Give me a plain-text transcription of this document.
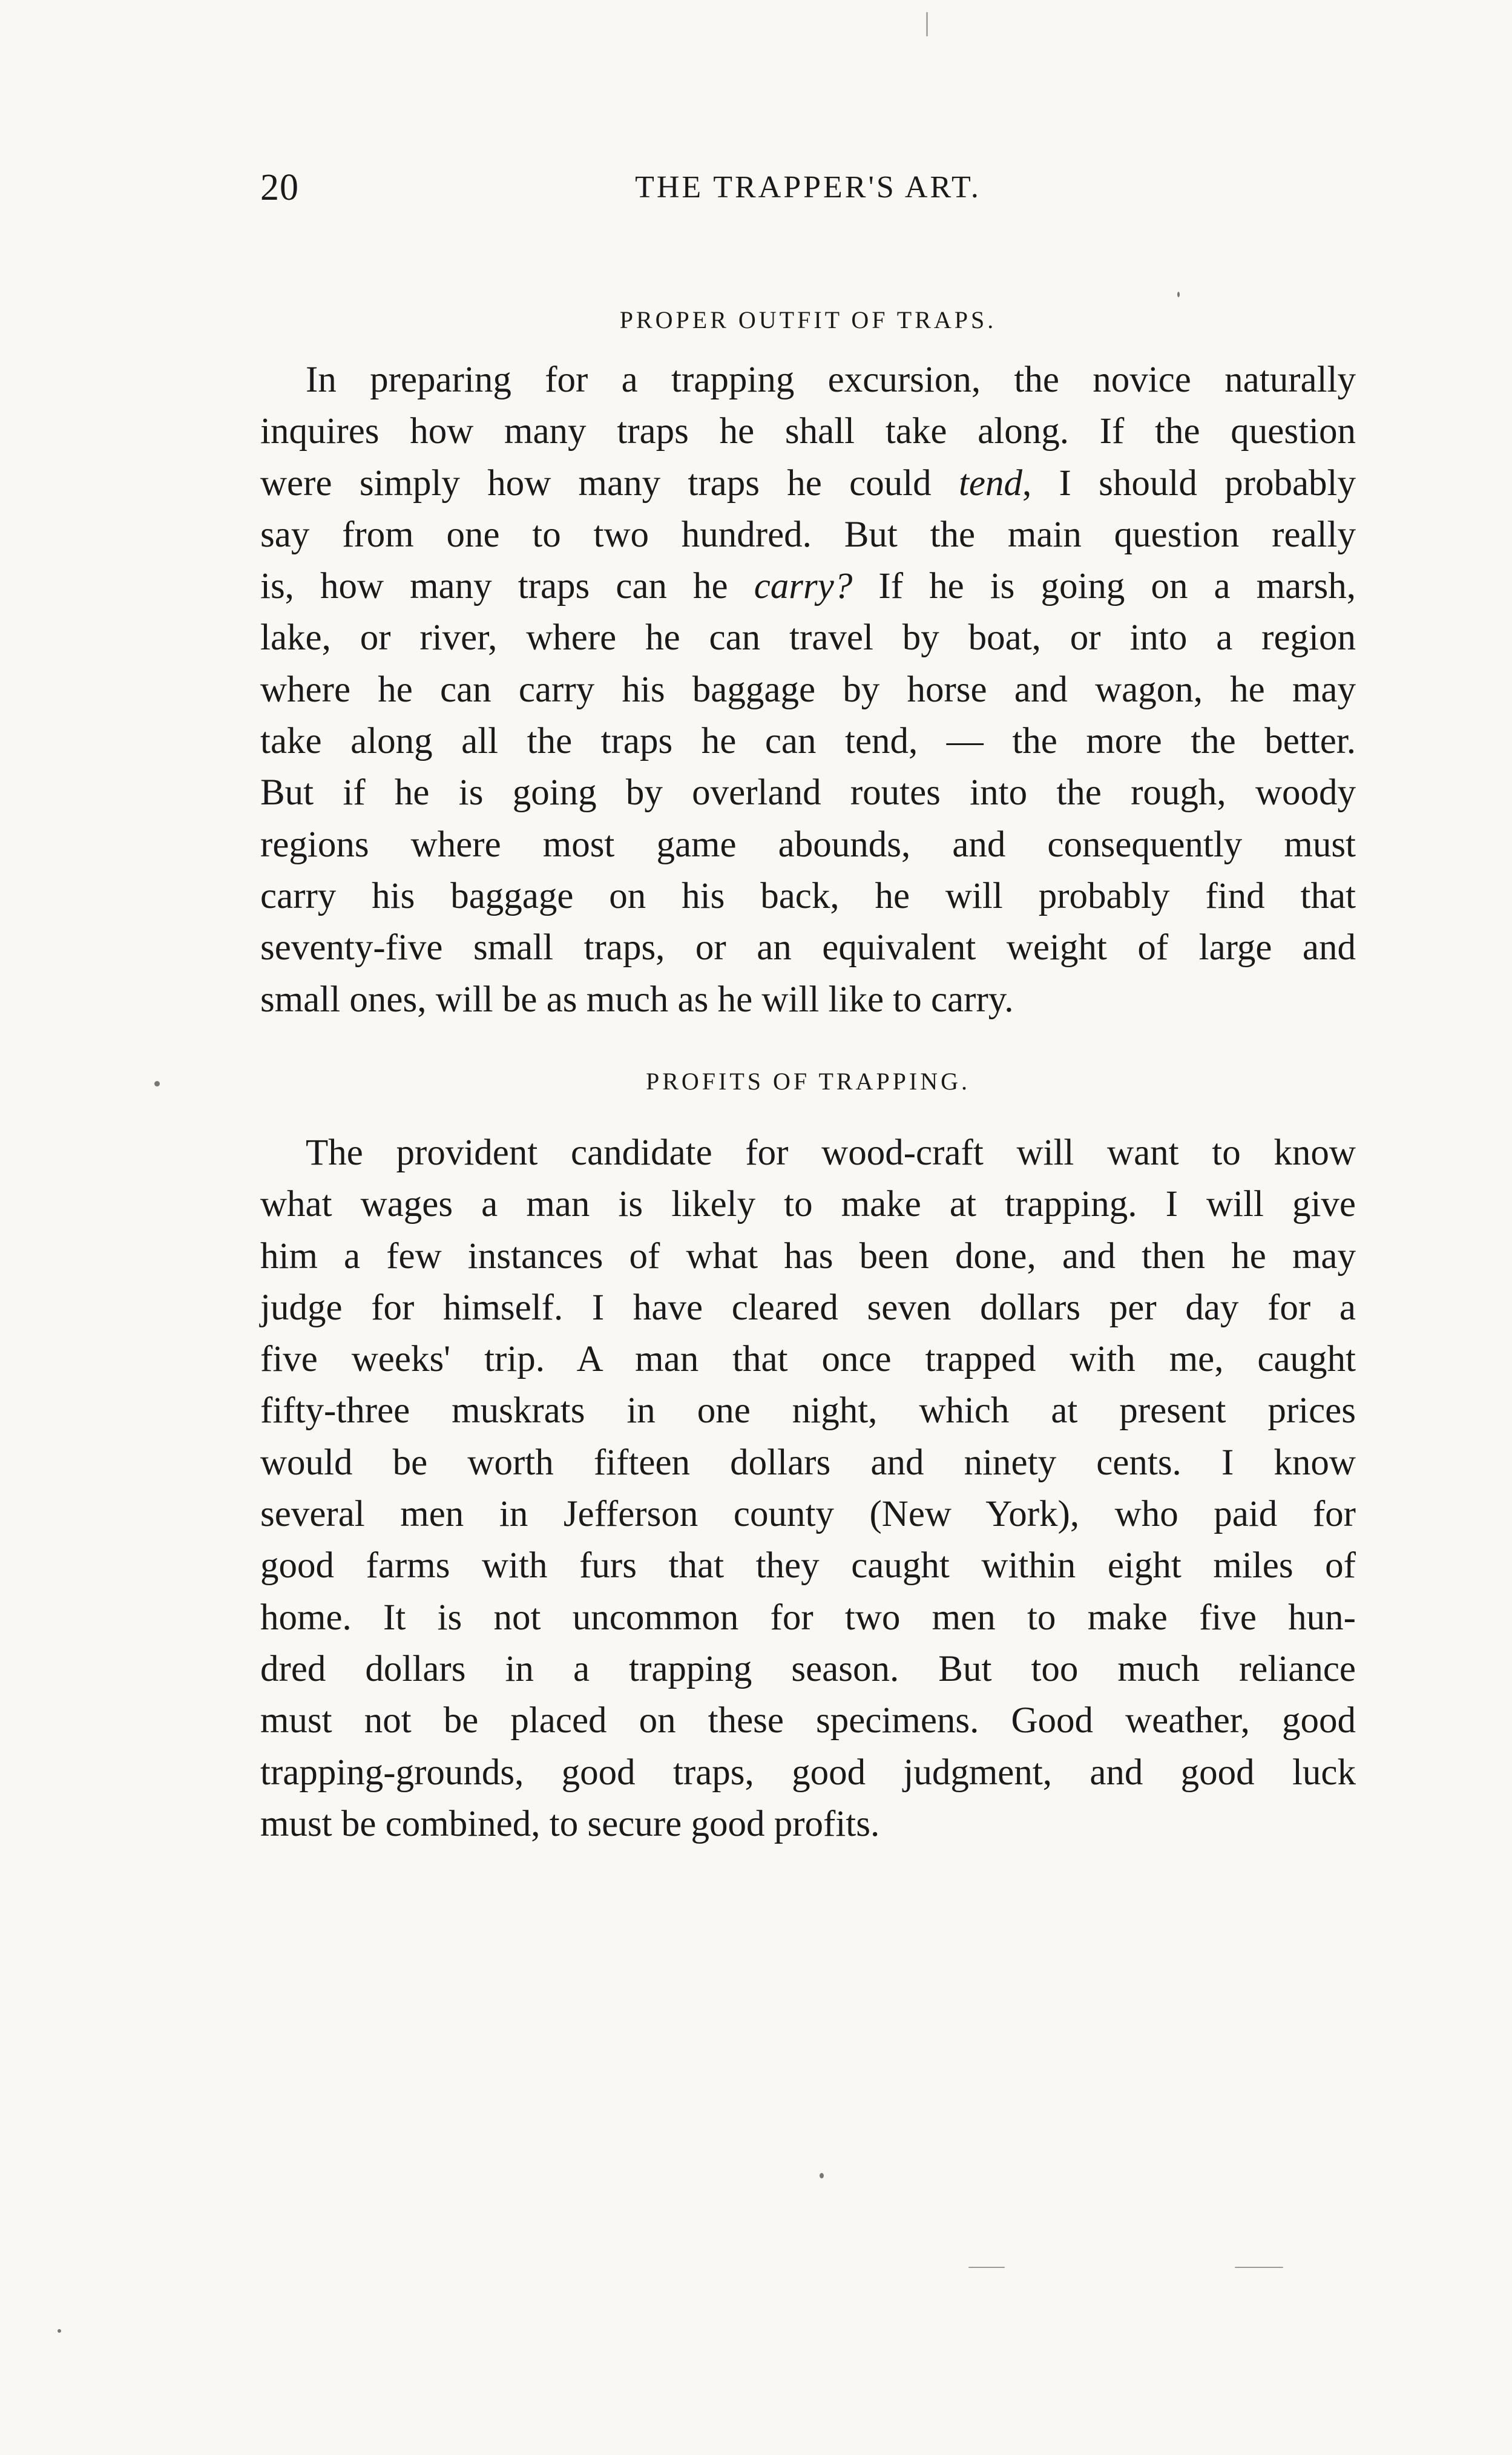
20	THE TRAPPER'S ART.
PROPER OUTFIT OF TRAPS.
In preparing for a trapping excursion, the novice naturally
inquires how many traps he shall take along. If the question
were simply how many traps he could tend, I should probably
say from one to two hundred. But the main question really
is, how many traps can he carry? If he is going on a marsh,
lake, or river, where he can travel by boat, or into a region
where he can carry his baggage by horse and wagon, he may
take along all the traps he can tend, — the more the better.
But if he is going by overland routes into the rough, woody
regions where most game abounds, and consequently must
carry his baggage on his back, he will probably find that
seventy-five small traps, or an equivalent weight of large and
small ones, will be as much as he will like to carry.
PROFITS OF TRAPPING.
The provident candidate for wood-craft will want to know
what wages a man is likely to make at trapping. I will give
him a few instances of what has been done, and then he may
judge for himself. I have cleared seven dollars per day for a
five weeks' trip. A man that once trapped with me, caught
fifty-three muskrats in one night, which at present prices
would be worth fifteen dollars and ninety cents. I know
several men in Jefferson county (New York), who paid for
good farms with furs that they caught within eight miles of
home. It is not uncommon for two men to make five hun-
dred dollars in a trapping season. But too much reliance
must not be placed on these specimens. Good weather, good
trapping-grounds, good traps, good judgment, and good luck
must be combined, to secure good profits.
